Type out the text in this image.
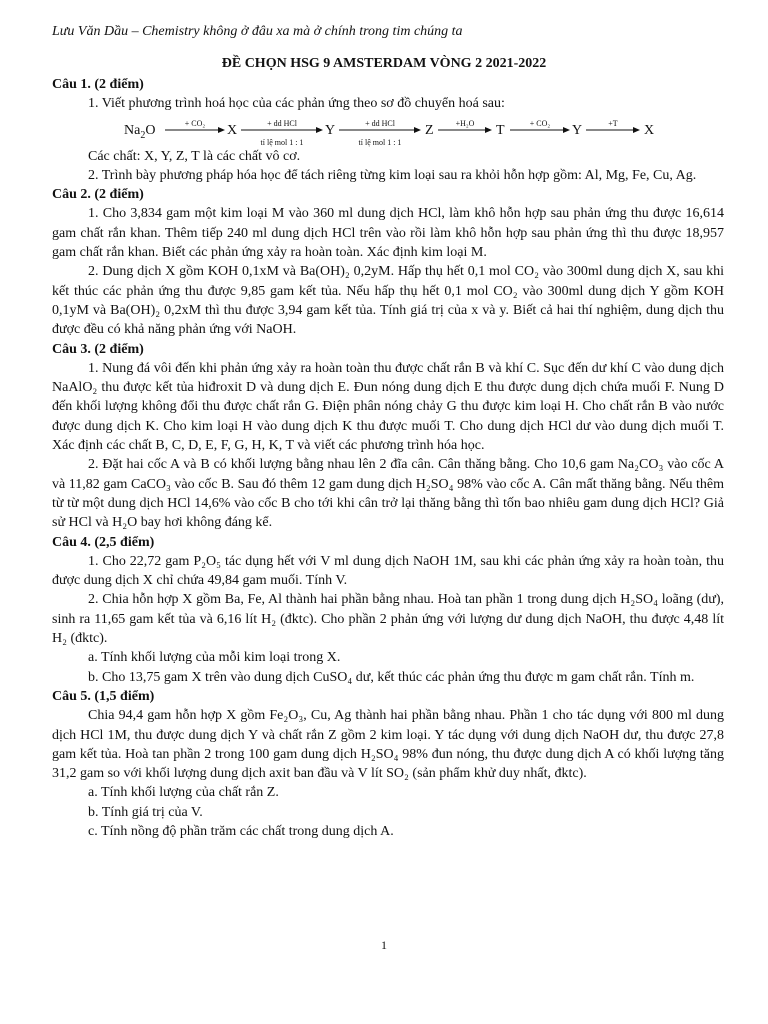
Lưu Văn Dầu – Chemistry không ở đâu xa mà ở chính trong tim chúng ta
ĐỀ CHỌN HSG 9 AMSTERDAM VÒNG 2 2021-2022

Câu 1. (2 điểm)

1. Viết phương trình hoá học của các phản ứng theo sơ đồ chuyển hoá sau:

$Na_2O$	+ CO₂	X	+ dd HCl
tỉ lệ mol 1 : 1
Y	+ dd HCl
tỉ lệ mol 1 : 1
Z	+H₂O	T	+ CO₂	Y	+T	X

Các chất: X, Y, Z, T là các chất vô cơ.

2. Trình bày phương pháp hóa học để tách riêng từng kim loại sau ra khỏi hỗn hợp gồm: Al, Mg, Fe, Cu, Ag.

Câu 2. (2 điểm)

1. Cho 3,834 gam một kim loại M vào 360 ml dung dịch HCl, làm khô hỗn hợp sau phản ứng thu được 16,614 gam chất rắn khan. Thêm tiếp 240 ml dung dịch HCl trên vào rồi làm khô hỗn hợp sau phản ứng thì thu được 18,957 gam chất rắn khan. Biết các phản ứng xảy ra hoàn toàn. Xác định kim loại M.

2. Dung dịch X gồm KOH 0,1xM và Ba(OH)₂ 0,2yM. Hấp thụ hết 0,1 mol CO₂ vào 300ml dung dịch X, sau khi kết thúc các phản ứng thu được 9,85 gam kết tủa. Nếu hấp thụ hết 0,1 mol CO₂ vào 300ml dung dịch Y gồm KOH 0,1yM và Ba(OH)₂ 0,2xM thì thu được 3,94 gam kết tủa. Tính giá trị của x và y. Biết cả hai thí nghiệm, dung dịch thu được đều có khả năng phản ứng với NaOH.

Câu 3. (2 điểm)

1. Nung đá vôi đến khi phản ứng xảy ra hoàn toàn thu được chất rắn B và khí C. Sục đến dư khí C vào dung dịch NaAlO₂ thu được kết tủa hiđroxit D và dung dịch E. Đun nóng dung dịch E thu được dung dịch chứa muối F. Nung D đến khối lượng không đổi thu được chất rắn G. Điện phân nóng chảy G thu được kim loại H. Cho chất rắn B vào nước được dung dịch K. Cho kim loại H vào dung dịch K thu được muối T. Cho dung dịch HCl dư vào dung dịch muối T. Xác định các chất B, C, D, E, F, G, H, K, T và viết các phương trình hóa học.

2. Đặt hai cốc A và B có khối lượng bằng nhau lên 2 đĩa cân. Cân thăng bằng. Cho 10,6 gam Na₂CO₃ vào cốc A và 11,82 gam CaCO₃ vào cốc B. Sau đó thêm 12 gam dung dịch H₂SO₄ 98% vào cốc A. Cân mất thăng bằng. Nếu thêm từ từ một dung dịch HCl 14,6% vào cốc B cho tới khi cân trở lại thăng bằng thì tốn bao nhiêu gam dung dịch HCl? Giả sử HCl và H₂O bay hơi không đáng kể.

Câu 4. (2,5 điểm)

1. Cho 22,72 gam P₂O₅ tác dụng hết với V ml dung dịch NaOH 1M, sau khi các phản ứng xảy ra hoàn toàn, thu được dung dịch X chỉ chứa 49,84 gam muối. Tính V.

2. Chia hỗn hợp X gồm Ba, Fe, Al thành hai phần bằng nhau. Hoà tan phần 1 trong dung dịch H₂SO₄ loãng (dư), sinh ra 11,65 gam kết tủa và 6,16 lít H₂ (đktc). Cho phần 2 phản ứng với lượng dư dung dịch NaOH, thu được 4,48 lít H₂ (đktc).

a. Tính khối lượng của mỗi kim loại trong X.

b. Cho 13,75 gam X trên vào dung dịch CuSO₄ dư, kết thúc các phản ứng thu được m gam chất rắn. Tính m.

Câu 5. (1,5 điểm)

Chia 94,4 gam hỗn hợp X gồm Fe₂O₃, Cu, Ag thành hai phần bằng nhau. Phần 1 cho tác dụng với 800 ml dung dịch HCl 1M, thu được dung dịch Y và chất rắn Z gồm 2 kim loại. Y tác dụng với dung dịch NaOH dư, thu được 27,8 gam kết tủa. Hoà tan phần 2 trong 100 gam dung dịch H₂SO₄ 98% đun nóng, thu được dung dịch A có khối lượng tăng 31,2 gam so với khối lượng dung dịch axit ban đầu và V lít SO₂ (sản phẩm khử duy nhất, đktc).

a. Tính khối lượng của chất rắn Z.

b. Tính giá trị của V.

c. Tính nồng độ phần trăm các chất trong dung dịch A.

1
